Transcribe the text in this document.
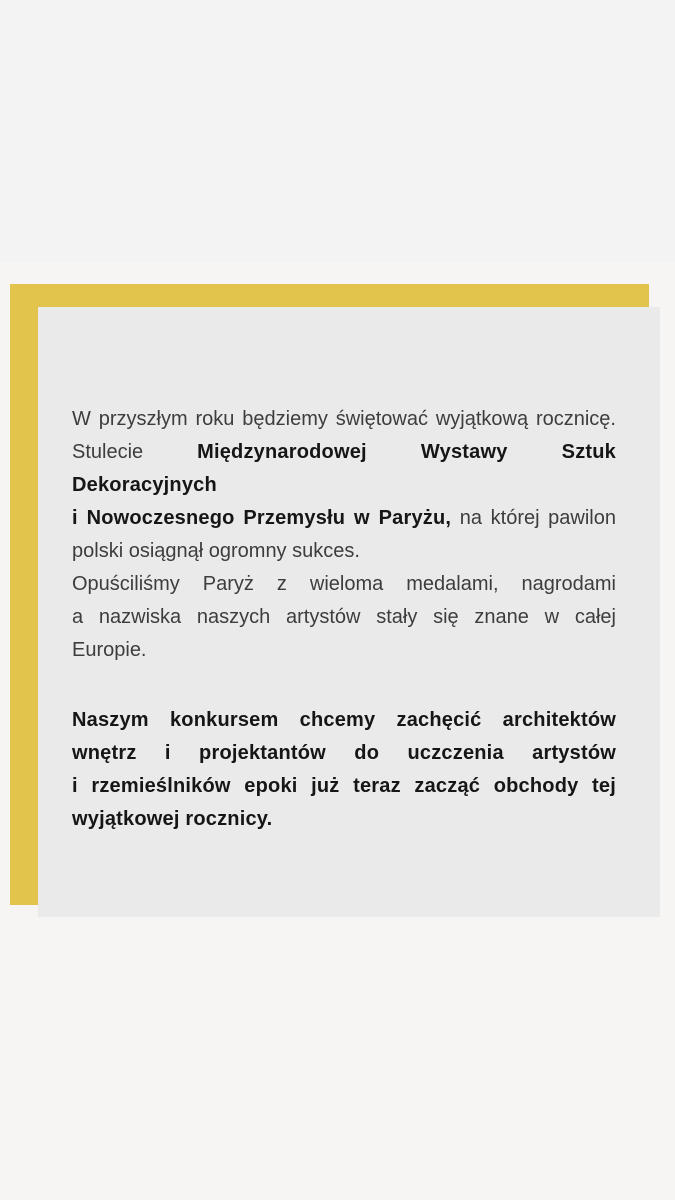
W przyszłym roku będziemy świętować wyjątkową rocznicę.
Stulecie Międzynarodowej Wystawy Sztuk Dekoracyjnych
i Nowoczesnego Przemysłu w Paryżu, na której pawilon
polski osiągnął ogromny sukces.
Opuściliśmy Paryż z wieloma medalami, nagrodami
a nazwiska naszych artystów stały się znane w całej
Europie.
Naszym konkursem chcemy zachęcić architektów
wnętrz i projektantów do uczczenia artystów
i rzemieślników epoki już teraz zacząć obchody tej
wyjątkowej rocznicy.
